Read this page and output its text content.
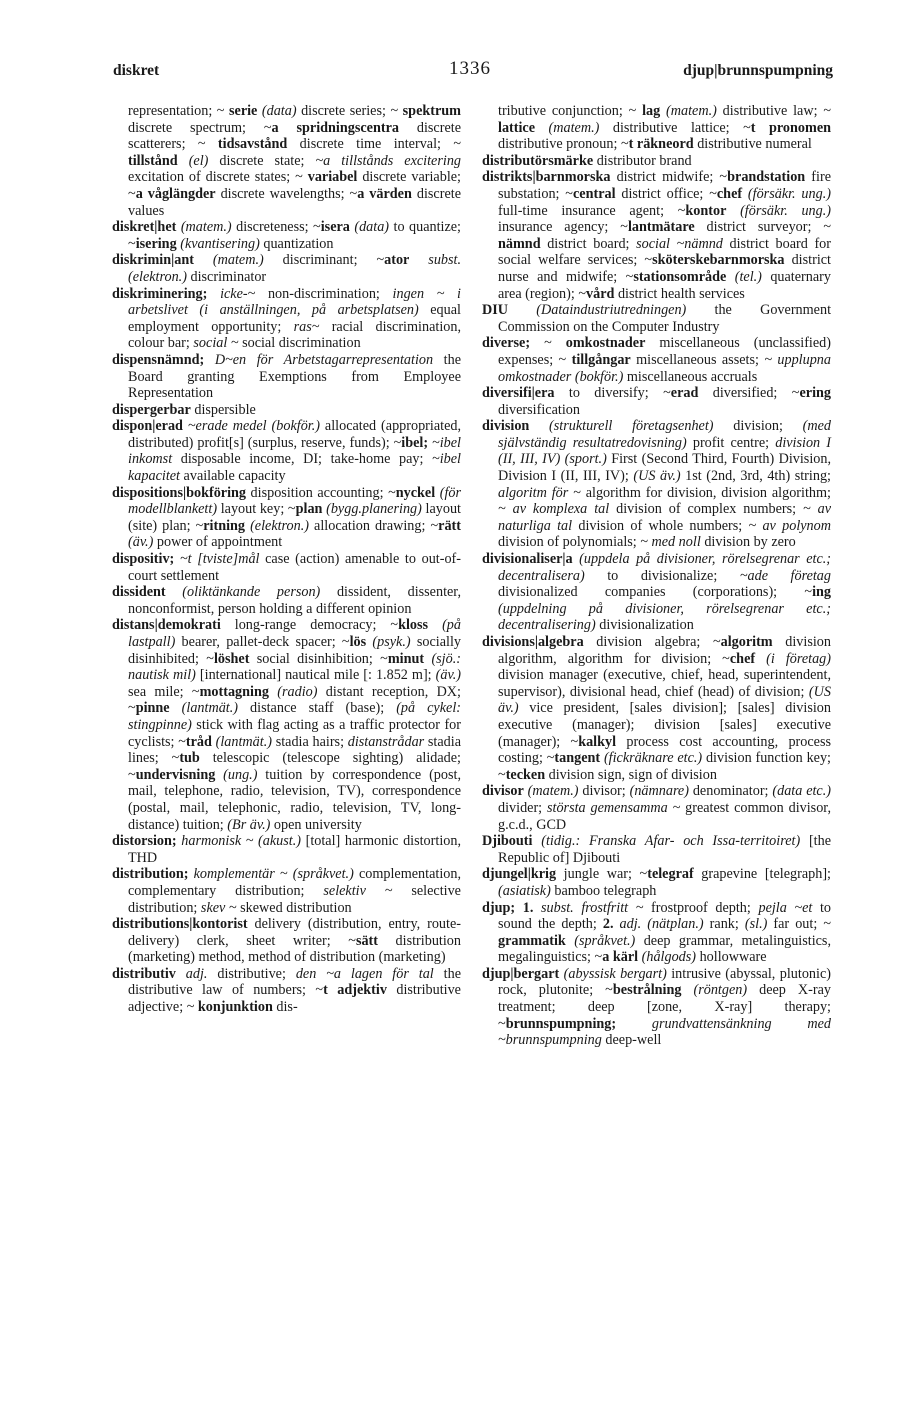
diskret	1336	djup|brunnspumpning

representation; ~ serie (data) discrete series; ~ spektrum discrete spectrum; ~a spridningscentra discrete scatterers; ~ tidsavstånd discrete time interval; ~ tillstånd (el) discrete state; ~a tillstånds excitering excitation of discrete states; ~ variabel discrete variable; ~a våglängder discrete wavelengths; ~a värden discrete values

diskret|het (matem.) discreteness; ~isera (data) to quantize; ~isering (kvantisering) quantization

diskrimin|ant (matem.) discriminant; ~ator subst. (elektron.) discriminator

diskriminering; icke-~ non-discrimination; ingen ~ i arbetslivet (i anställningen, på arbetsplatsen) equal employment opportunity; ras~ racial discrimination, colour bar; social ~ social discrimination

dispensnämnd; D~en för Arbetstagarrepresentation the Board granting Exemptions from Employee Representation

dispergerbar dispersible

dispon|erad ~erade medel (bokför.) allocated (appropriated, distributed) profit[s] (surplus, reserve, funds); ~ibel; ~ibel inkomst disposable income, DI; take-home pay; ~ibel kapacitet available capacity

dispositions|bokföring disposition accounting; ~nyckel (för modellblankett) layout key; ~plan (bygg.planering) layout (site) plan; ~ritning (elektron.) allocation drawing; ~rätt (äv.) power of appointment

dispositiv; ~t [tviste]mål case (action) amenable to out-of-court settlement

dissident (oliktänkande person) dissident, dissenter, nonconformist, person holding a different opinion

distans|demokrati long-range democracy; ~kloss (på lastpall) bearer, pallet-deck spacer; ~lös (psyk.) socially disinhibited; ~löshet social disinhibition; ~minut (sjö.: nautisk mil) [international] nautical mile [: 1.852 m]; (äv.) sea mile; ~mottagning (radio) distant reception, DX; ~pinne (lantmät.) distance staff (base); (på cykel: stingpinne) stick with flag acting as a traffic protector for cyclists; ~tråd (lantmät.) stadia hairs; distanstrådar stadia lines; ~tub telescopic (telescope sighting) alidade; ~undervisning (ung.) tuition by correspondence (post, mail, telephone, radio, television, TV), correspondence (postal, mail, telephonic, radio, television, TV, long-distance) tuition; (Br äv.) open university

distorsion; harmonisk ~ (akust.) [total] harmonic distortion, THD

distribution; komplementär ~ (språkvet.) complementation, complementary distribution; selektiv ~ selective distribution; skev ~ skewed distribution

distributions|kontorist delivery (distribution, entry, route-delivery) clerk, sheet writer; ~sätt distribution (marketing) method, method of distribution (marketing)

distributiv adj. distributive; den ~a lagen för tal the distributive law of numbers; ~t adjektiv distributive adjective; ~ konjunktion dis-

tributive conjunction; ~ lag (matem.) distributive law; ~ lattice (matem.) distributive lattice; ~t pronomen distributive pronoun; ~t räkneord distributive numeral

distributörsmärke distributor brand

distrikts|barnmorska district midwife; ~brandstation fire substation; ~central district office; ~chef (försäkr. ung.) full-time insurance agent; ~kontor (försäkr. ung.) insurance agency; ~lantmätare district surveyor; ~ nämnd district board; social ~nämnd district board for social welfare services; ~sköterskebarnmorska district nurse and midwife; ~stationsområde (tel.) quaternary area (region); ~vård district health services

DIU (Dataindustriutredningen) the Government Commission on the Computer Industry

diverse; ~ omkostnader miscellaneous (unclassified) expenses; ~ tillgångar miscellaneous assets; ~ upplupna omkostnader (bokför.) miscellaneous accruals

diversifi|era to diversify; ~erad diversified; ~ering diversification

division (strukturell företagsenhet) division; (med självständig resultatredovisning) profit centre; division I (II, III, IV) (sport.) First (Second Third, Fourth) Division, Division I (II, III, IV); (US äv.) 1st (2nd, 3rd, 4th) string; algoritm för ~ algorithm for division, division algorithm; ~ av komplexa tal division of complex numbers; ~ av naturliga tal division of whole numbers; ~ av polynom division of polynomials; ~ med noll division by zero

divisionaliser|a (uppdela på divisioner, rörelsegrenar etc.; decentralisera) to divisionalize; ~ade företag divisionalized companies (corporations); ~ing (uppdelning på divisioner, rörelsegrenar etc.; decentralisering) divisionalization

divisions|algebra division algebra; ~algoritm division algorithm, algorithm for division; ~chef (i företag) division manager (executive, chief, head, superintendent, supervisor), divisional head, chief (head) of division; (US äv.) vice president, [sales division]; [sales] division executive (manager); division [sales] executive (manager); ~kalkyl process cost accounting, process costing; ~tangent (fickräknare etc.) division function key; ~tecken division sign, sign of division

divisor (matem.) divisor; (nämnare) denominator; (data etc.) divider; största gemensamma ~ greatest common divisor, g.c.d., GCD

Djibouti (tidig.: Franska Afar- och Issa-territoiret) [the Republic of] Djibouti

djungel|krig jungle war; ~telegraf grapevine [telegraph]; (asiatisk) bamboo telegraph

djup; 1. subst. frostfritt ~ frostproof depth; pejla ~et to sound the depth; 2. adj. (nätplan.) rank; (sl.) far out; ~ grammatik (språkvet.) deep grammar, metalinguistics, megalinguistics; ~a kärl (hålgods) hollowware

djup|bergart (abyssisk bergart) intrusive (abyssal, plutonic) rock, plutonite; ~bestrålning (röntgen) deep X-ray treatment; deep [zone, X-ray] therapy; ~brunnspumpning;	grundvattensänkning med ~brunnspumpning deep-well
